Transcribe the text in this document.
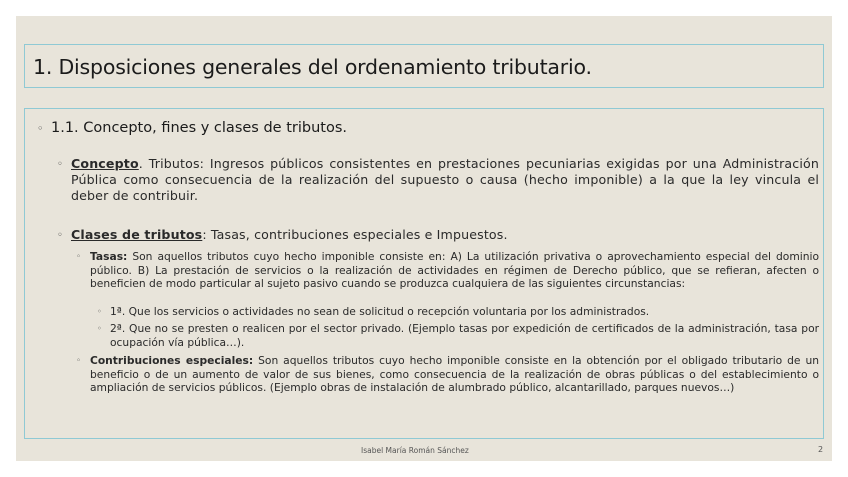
1. Disposiciones generales del ordenamiento tributario.
◦ 1.1. Concepto, fines y clases de tributos.
◦ Concepto. Tributos: Ingresos públicos consistentes en prestaciones pecuniarias exigidas por una Administración Pública como consecuencia de la realización del supuesto o causa (hecho imponible) a la que la ley vincula el deber de contribuir.
◦ Clases de tributos: Tasas, contribuciones especiales e Impuestos.
◦ Tasas: Son aquellos tributos cuyo hecho imponible consiste en: A) La utilización privativa o aprovechamiento especial del dominio público. B) La prestación de servicios o la realización de actividades en régimen de Derecho público, que se refieran, afecten o beneficien de modo particular al sujeto pasivo cuando se produzca cualquiera de las siguientes circunstancias:
◦ 1ª. Que los servicios o actividades no sean de solicitud o recepción voluntaria por los administrados.
◦ 2ª. Que no se presten o realicen por el sector privado. (Ejemplo tasas por expedición de certificados de la administración, tasa por ocupación vía pública…).
◦ Contribuciones especiales: Son aquellos tributos cuyo hecho imponible consiste en la obtención por el obligado tributario de un beneficio o de un aumento de valor de sus bienes, como consecuencia de la realización de obras públicas o del establecimiento o ampliación de servicios públicos. (Ejemplo obras de instalación de alumbrado público, alcantarillado, parques nuevos…)
Isabel María Román Sánchez	2
